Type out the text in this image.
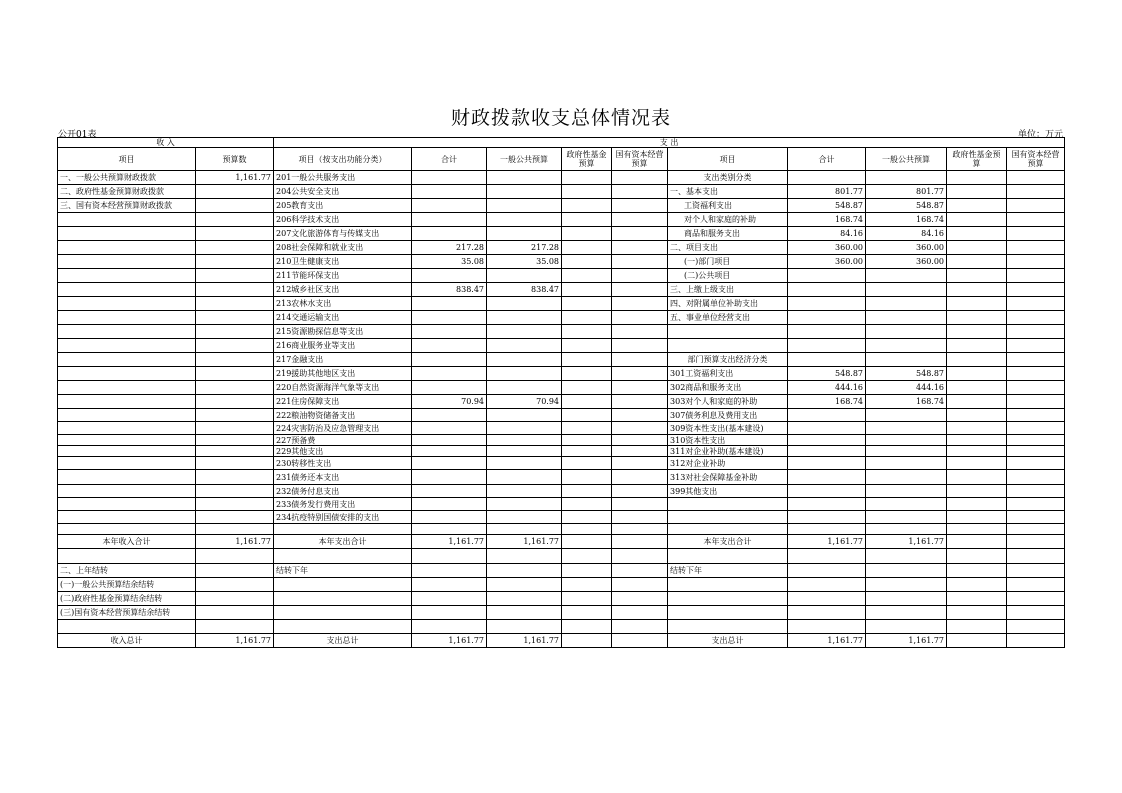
财政拨款收支总体情况表
公开01表	单位：万元
收 入		支 出									
项目	预算数	项目（按支出功能分类）	合计	一般公共预算	政府性基金预算	国有资本经营预算	项目	合计	一般公共预算	政府性基金预算	国有资本经营预算
一、一般公共预算财政拨款	1,161.77	201一般公共服务支出					支出类别分类				
二、政府性基金预算财政拨款		204公共安全支出					一、基本支出	801.77	801.77		
三、国有资本经营预算财政拨款		205教育支出					工资福利支出	548.87	548.87		
		206科学技术支出					对个人和家庭的补助	168.74	168.74		
		207文化旅游体育与传媒支出					商品和服务支出	84.16	84.16		
		208社会保障和就业支出	217.28	217.28			二、项目支出	360.00	360.00		
		210卫生健康支出	35.08	35.08			(一)部门项目	360.00	360.00		
		211节能环保支出					(二)公共项目				
		212城乡社区支出	838.47	838.47			三、上缴上级支出				
		213农林水支出					四、对附属单位补助支出				
		214交通运输支出					五、事业单位经营支出				
		215资源勘探信息等支出									
		216商业服务业等支出									
		217金融支出					部门预算支出经济分类				
		219援助其他地区支出					301工资福利支出	548.87	548.87		
		220自然资源海洋气象等支出					302商品和服务支出	444.16	444.16		
		221住房保障支出	70.94	70.94			303对个人和家庭的补助	168.74	168.74		
		222粮油物资储备支出					307债务利息及费用支出				
		224灾害防治及应急管理支出					309资本性支出(基本建设)				
		227预备费					310资本性支出				
		229其他支出					311对企业补助(基本建设)				
		230转移性支出					312对企业补助				
		231债务还本支出					313对社会保障基金补助				
		232债务付息支出					399其他支出				
		233债务发行费用支出									
		234抗疫特别国债安排的支出									

本年收入合计	1,161.77	本年支出合计	1,161.77	1,161.77			本年支出合计	1,161.77	1,161.77		

二、上年结转		结转下年					结转下年				
(一)一般公共预算结余结转											
(二)政府性基金预算结余结转											
(三)国有资本经营预算结余结转											

收入总计	1,161.77	支出总计	1,161.77	1,161.77			支出总计	1,161.77	1,161.77		
